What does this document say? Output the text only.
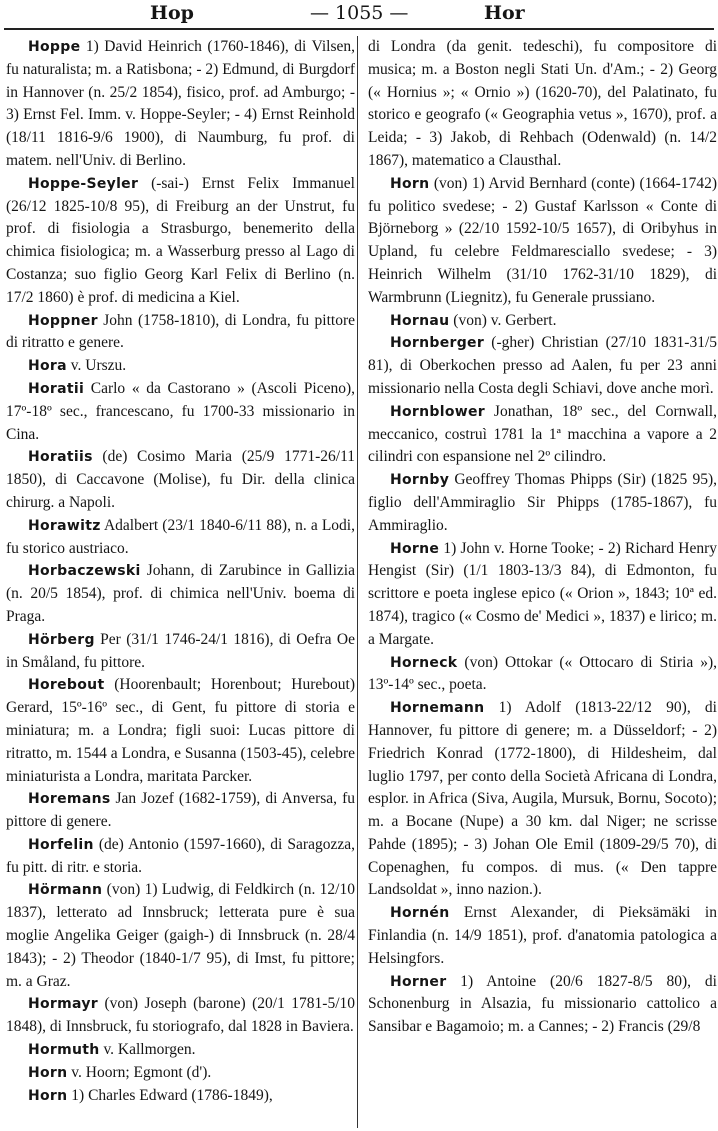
Hop	— 1055 —	Hor

Hoppe 1) David Heinrich (1760-1846), di Vilsen, fu naturalista; m. a Ratisbona; - 2) Edmund, di Burgdorf in Hannover (n. 25/2 1854), fisico, prof. ad Amburgo; - 3) Ernst Fel. Imm. v. Hoppe-Seyler; - 4) Ernst Reinhold (18/11 1816-9/6 1900), di Naumburg, fu prof. di matem. nell'Univ. di Berlino.

Hoppe-Seyler (-sai-) Ernst Felix Immanuel (26/12 1825-10/8 95), di Freiburg an der Unstrut, fu prof. di fisiologia a Strasburgo, benemerito della chimica fisiologica; m. a Wasserburg presso al Lago di Costanza; suo figlio Georg Karl Felix di Berlino (n. 17/2 1860) è prof. di medicina a Kiel.

Hoppner John (1758-1810), di Londra, fu pittore di ritratto e genere.

Hora v. Urszu.

Horatii Carlo « da Castorano » (Ascoli Piceno), 17º-18º sec., francescano, fu 1700-33 missionario in Cina.

Horatiis (de) Cosimo Maria (25/9 1771-26/11 1850), di Caccavone (Molise), fu Dir. della clinica chirurg. a Napoli.

Horawitz Adalbert (23/1 1840-6/11 88), n. a Lodi, fu storico austriaco.

Horbaczewski Johann, di Zarubince in Gallizia (n. 20/5 1854), prof. di chimica nell'Univ. boema di Praga.

Hörberg Per (31/1 1746-24/1 1816), di Oefra Oe in Småland, fu pittore.

Horebout (Hoorenbault; Horenbout; Hurebout) Gerard, 15º-16º sec., di Gent, fu pittore di storia e miniatura; m. a Londra; figli suoi: Lucas pittore di ritratto, m. 1544 a Londra, e Susanna (1503-45), celebre miniaturista a Londra, maritata Parcker.

Horemans Jan Jozef (1682-1759), di Anversa, fu pittore di genere.

Horfelin (de) Antonio (1597-1660), di Saragozza, fu pitt. di ritr. e storia.

Hörmann (von) 1) Ludwig, di Feldkirch (n. 12/10 1837), letterato ad Innsbruck; letterata pure è sua moglie Angelika Geiger (gaigh-) di Innsbruck (n. 28/4 1843); - 2) Theodor (1840-1/7 95), di Imst, fu pittore; m. a Graz.

Hormayr (von) Joseph (barone) (20/1 1781-5/10 1848), di Innsbruck, fu storiografo, dal 1828 in Baviera.

Hormuth v. Kallmorgen.

Horn v. Hoorn; Egmont (d').

Horn 1) Charles Edward (1786-1849),

di Londra (da genit. tedeschi), fu compositore di musica; m. a Boston negli Stati Un. d'Am.; - 2) Georg (« Hornius »; « Ornio ») (1620-70), del Palatinato, fu storico e geografo (« Geographia vetus », 1670), prof. a Leida; - 3) Jakob, di Rehbach (Odenwald) (n. 14/2 1867), matematico a Clausthal.

Horn (von) 1) Arvid Bernhard (conte) (1664-1742) fu politico svedese; - 2) Gustaf Karlsson « Conte di Björneborg » (22/10 1592-10/5 1657), di Oribyhus in Upland, fu celebre Feldmaresciallo svedese; - 3) Heinrich Wilhelm (31/10 1762-31/10 1829), di Warmbrunn (Liegnitz), fu Generale prussiano.

Hornau (von) v. Gerbert.

Hornberger (-gher) Christian (27/10 1831-31/5 81), di Oberkochen presso ad Aalen, fu per 23 anni missionario nella Costa degli Schiavi, dove anche morì.

Hornblower Jonathan, 18º sec., del Cornwall, meccanico, costruì 1781 la 1ª macchina a vapore a 2 cilindri con espansione nel 2º cilindro.

Hornby Geoffrey Thomas Phipps (Sir) (1825 95), figlio dell'Ammiraglio Sir Phipps (1785-1867), fu Ammiraglio.

Horne 1) John v. Horne Tooke; - 2) Richard Henry Hengist (Sir) (1/1 1803-13/3 84), di Edmonton, fu scrittore e poeta inglese epico (« Orion », 1843; 10ª ed. 1874), tragico (« Cosmo de' Medici », 1837) e lirico; m. a Margate.

Horneck (von) Ottokar (« Ottocaro di Stiria »), 13º-14º sec., poeta.

Hornemann 1) Adolf (1813-22/12 90), di Hannover, fu pittore di genere; m. a Düsseldorf; - 2) Friedrich Konrad (1772-1800), di Hildesheim, dal luglio 1797, per conto della Società Africana di Londra, esplor. in Africa (Siva, Augila, Mursuk, Bornu, Socoto); m. a Bocane (Nupe) a 30 km. dal Niger; ne scrisse Pahde (1895); - 3) Johan Ole Emil (1809-29/5 70), di Copenaghen, fu compos. di mus. (« Den tappre Landsoldat », inno nazion.).

Hornén Ernst Alexander, di Pieksämäki in Finlandia (n. 14/9 1851), prof. d'anatomia patologica a Helsingfors.

Horner 1) Antoine (20/6 1827-8/5 80), di Schonenburg in Alsazia, fu missionario cattolico a Sansibar e Bagamoio; m. a Cannes; - 2) Francis (29/8
